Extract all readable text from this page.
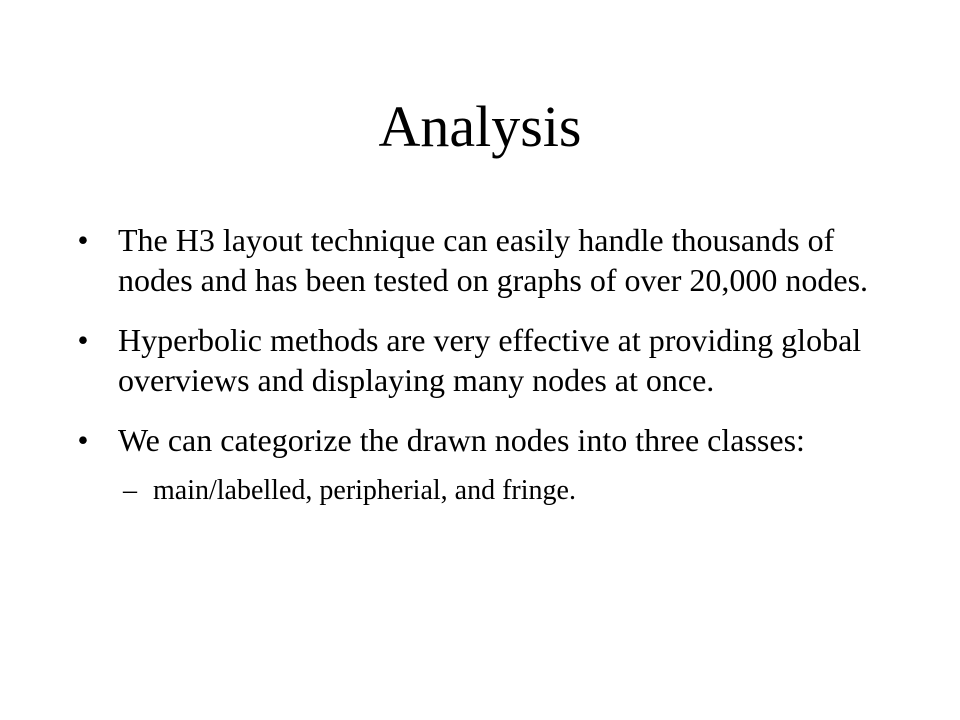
Analysis
• The H3 layout technique can easily handle thousands of nodes and has been tested on graphs of over 20,000 nodes.
• Hyperbolic methods are very effective at providing global overviews and displaying many nodes at once.
• We can categorize the drawn nodes into three classes:
– main/labelled, peripherial, and fringe.
